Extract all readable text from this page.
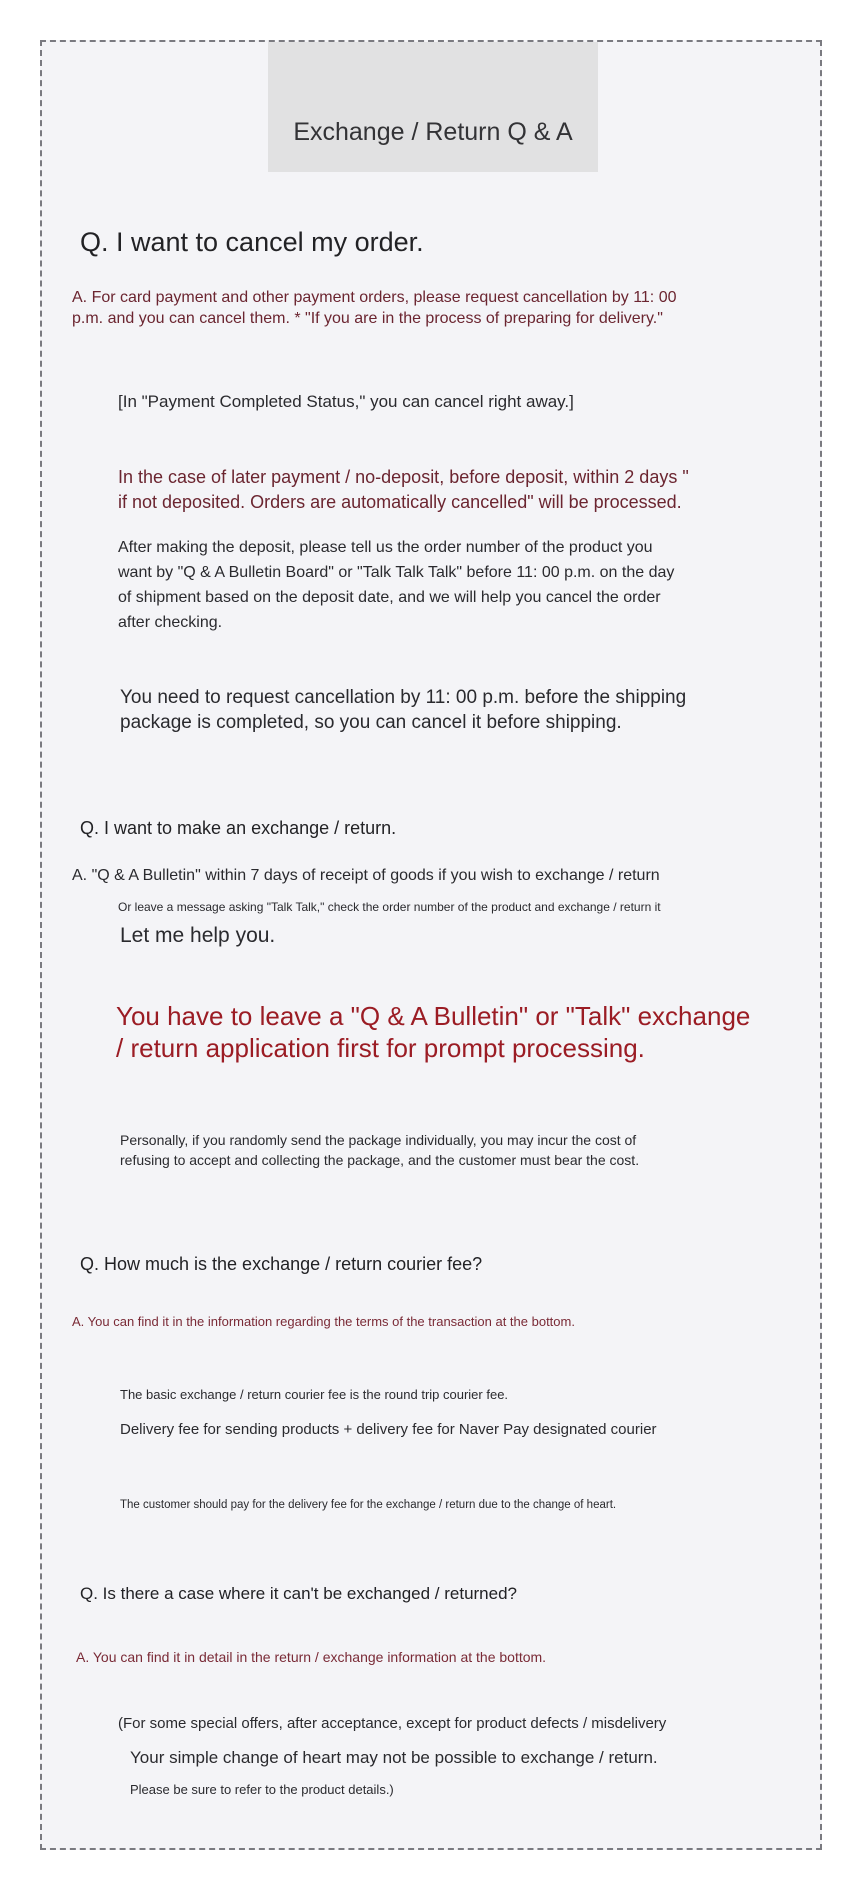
Exchange / Return Q & A

Q. I want to cancel my order.

A. For card payment and other payment orders, please request cancellation by 11: 00

p.m. and you can cancel them. * "If you are in the process of preparing for delivery."

[In "Payment Completed Status," you can cancel right away.]

In the case of later payment / no-deposit, before deposit, within 2 days "

if not deposited. Orders are automatically cancelled" will be processed.

After making the deposit, please tell us the order number of the product you

want by "Q & A Bulletin Board" or "Talk Talk Talk" before 11: 00 p.m. on the day

of shipment based on the deposit date, and we will help you cancel the order

after checking.

You need to request cancellation by 11: 00 p.m. before the shipping

package is completed, so you can cancel it before shipping.

Q. I want to make an exchange / return.

A. "Q & A Bulletin" within 7 days of receipt of goods if you wish to exchange / return

Or leave a message asking "Talk Talk," check the order number of the product and exchange / return it

Let me help you.

You have to leave a "Q & A Bulletin" or "Talk" exchange

/ return application first for prompt processing.

Personally, if you randomly send the package individually, you may incur the cost of

refusing to accept and collecting the package, and the customer must bear the cost.

Q. How much is the exchange / return courier fee?

A. You can find it in the information regarding the terms of the transaction at the bottom.

The basic exchange / return courier fee is the round trip courier fee.

Delivery fee for sending products + delivery fee for Naver Pay designated courier

The customer should pay for the delivery fee for the exchange / return due to the change of heart.

Q. Is there a case where it can't be exchanged / returned?

A. You can find it in detail in the return / exchange information at the bottom.

(For some special offers, after acceptance, except for product defects / misdelivery

Your simple change of heart may not be possible to exchange / return.

Please be sure to refer to the product details.)
